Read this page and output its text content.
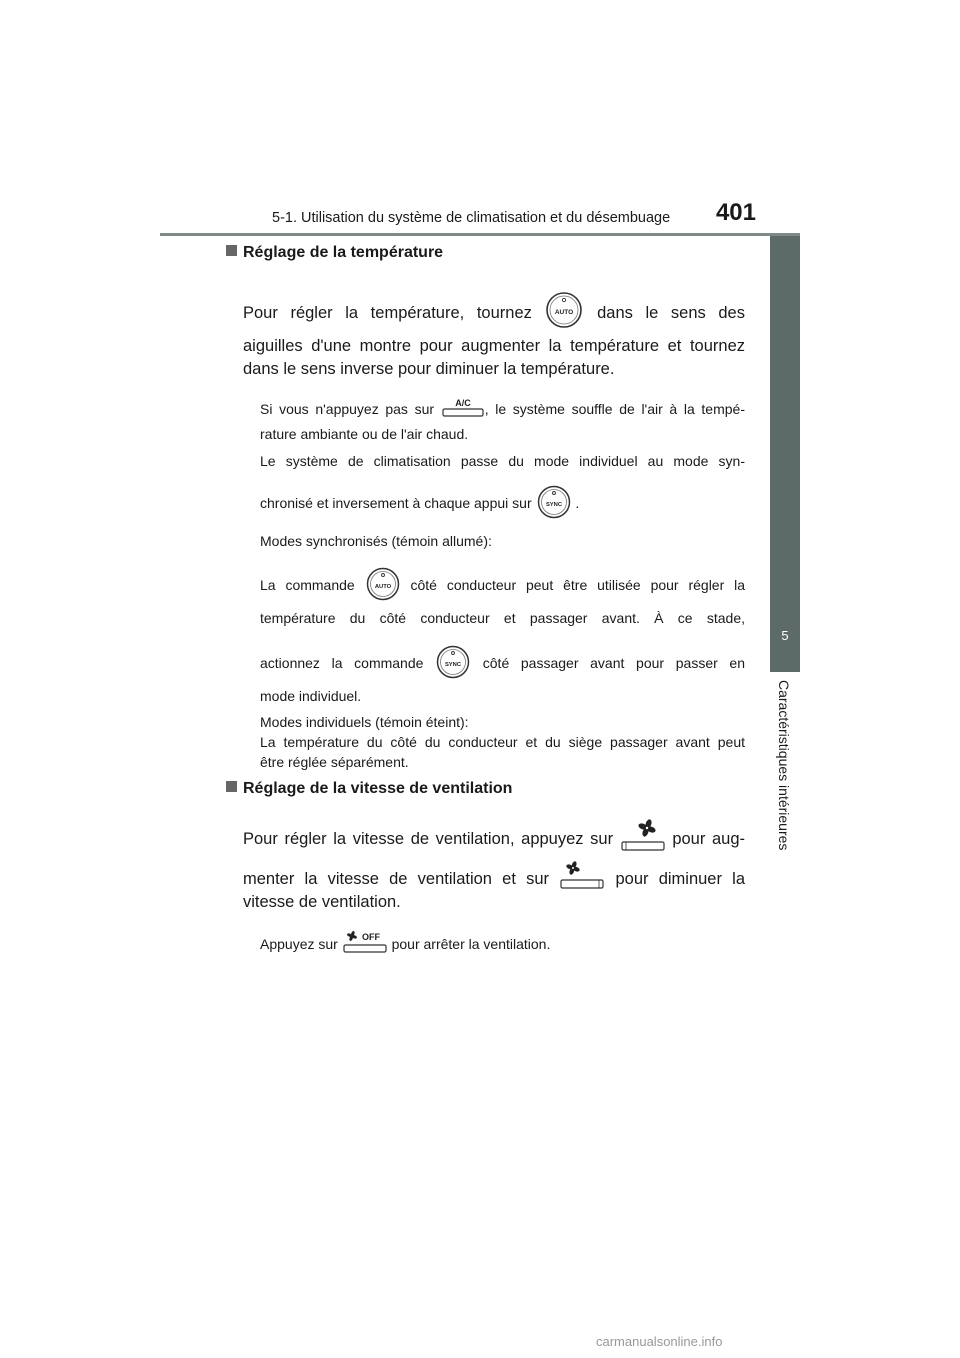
5-1. Utilisation du système de climatisation et du désembuage 401
5
Caractéristiques intérieures
Réglage de la température
Pour régler la température, tournez	AUTO dans le sens des
aiguilles d'une montre pour augmenter la température et tournez
dans le sens inverse pour diminuer la température.
Si vous n'appuyez pas sur A/C , le système souffle de l'air à la tempé-
rature ambiante ou de l'air chaud.
Le système de climatisation passe du mode individuel au mode syn-
chronisé et inversement à chaque appui sur SYNC .
Modes synchronisés (témoin allumé):
La commande	AUTO côté conducteur peut être utilisée pour régler la
température du côté conducteur et passager avant. À ce stade,
actionnez la commande	SYNC côté passager avant pour passer en
mode individuel.
Modes individuels (témoin éteint):
La température du côté du conducteur et du siège passager avant peut
être réglée séparément.
Réglage de la vitesse de ventilation
Pour régler la vitesse de ventilation, appuyez sur	pour aug-
menter la vitesse de ventilation et sur	pour diminuer la
vitesse de ventilation.
Appuyez sur	OFF pour arrêter la ventilation.
carmanualsonline.info
